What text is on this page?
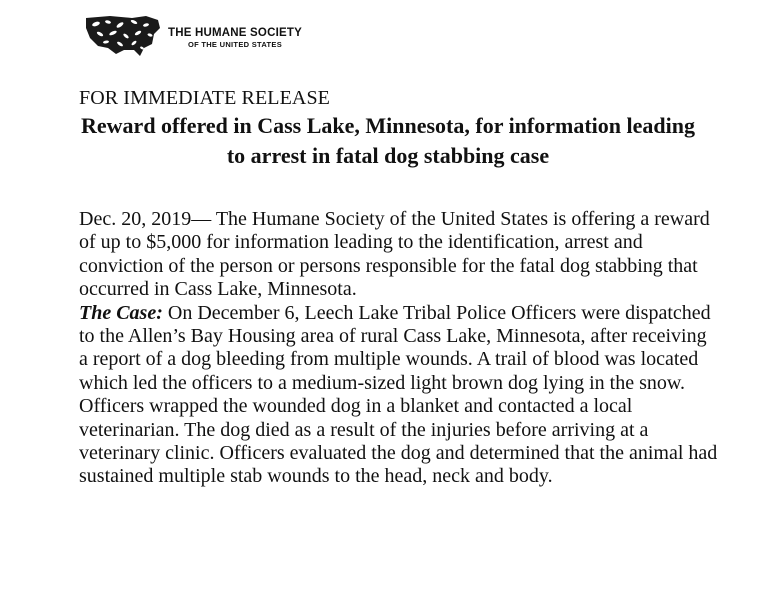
THE HUMANE SOCIETY
OF THE UNITED STATES
FOR IMMEDIATE RELEASE
Reward offered in Cass Lake, Minnesota, for information leading to arrest in fatal dog stabbing case

Dec. 20, 2019— The Humane Society of the United States is offering a reward of up to $5,000 for information leading to the identification, arrest and conviction of the person or persons responsible for the fatal dog stabbing that occurred in Cass Lake, Minnesota.

The Case: On December 6, Leech Lake Tribal Police Officers were dispatched to the Allen’s Bay Housing area of rural Cass Lake, Minnesota, after receiving a report of a dog bleeding from multiple wounds. A trail of blood was located which led the officers to a medium-sized light brown dog lying in the snow. Officers wrapped the wounded dog in a blanket and contacted a local veterinarian. The dog died as a result of the injuries before arriving at a veterinary clinic. Officers evaluated the dog and determined that the animal had sustained multiple stab wounds to the head, neck and body.
